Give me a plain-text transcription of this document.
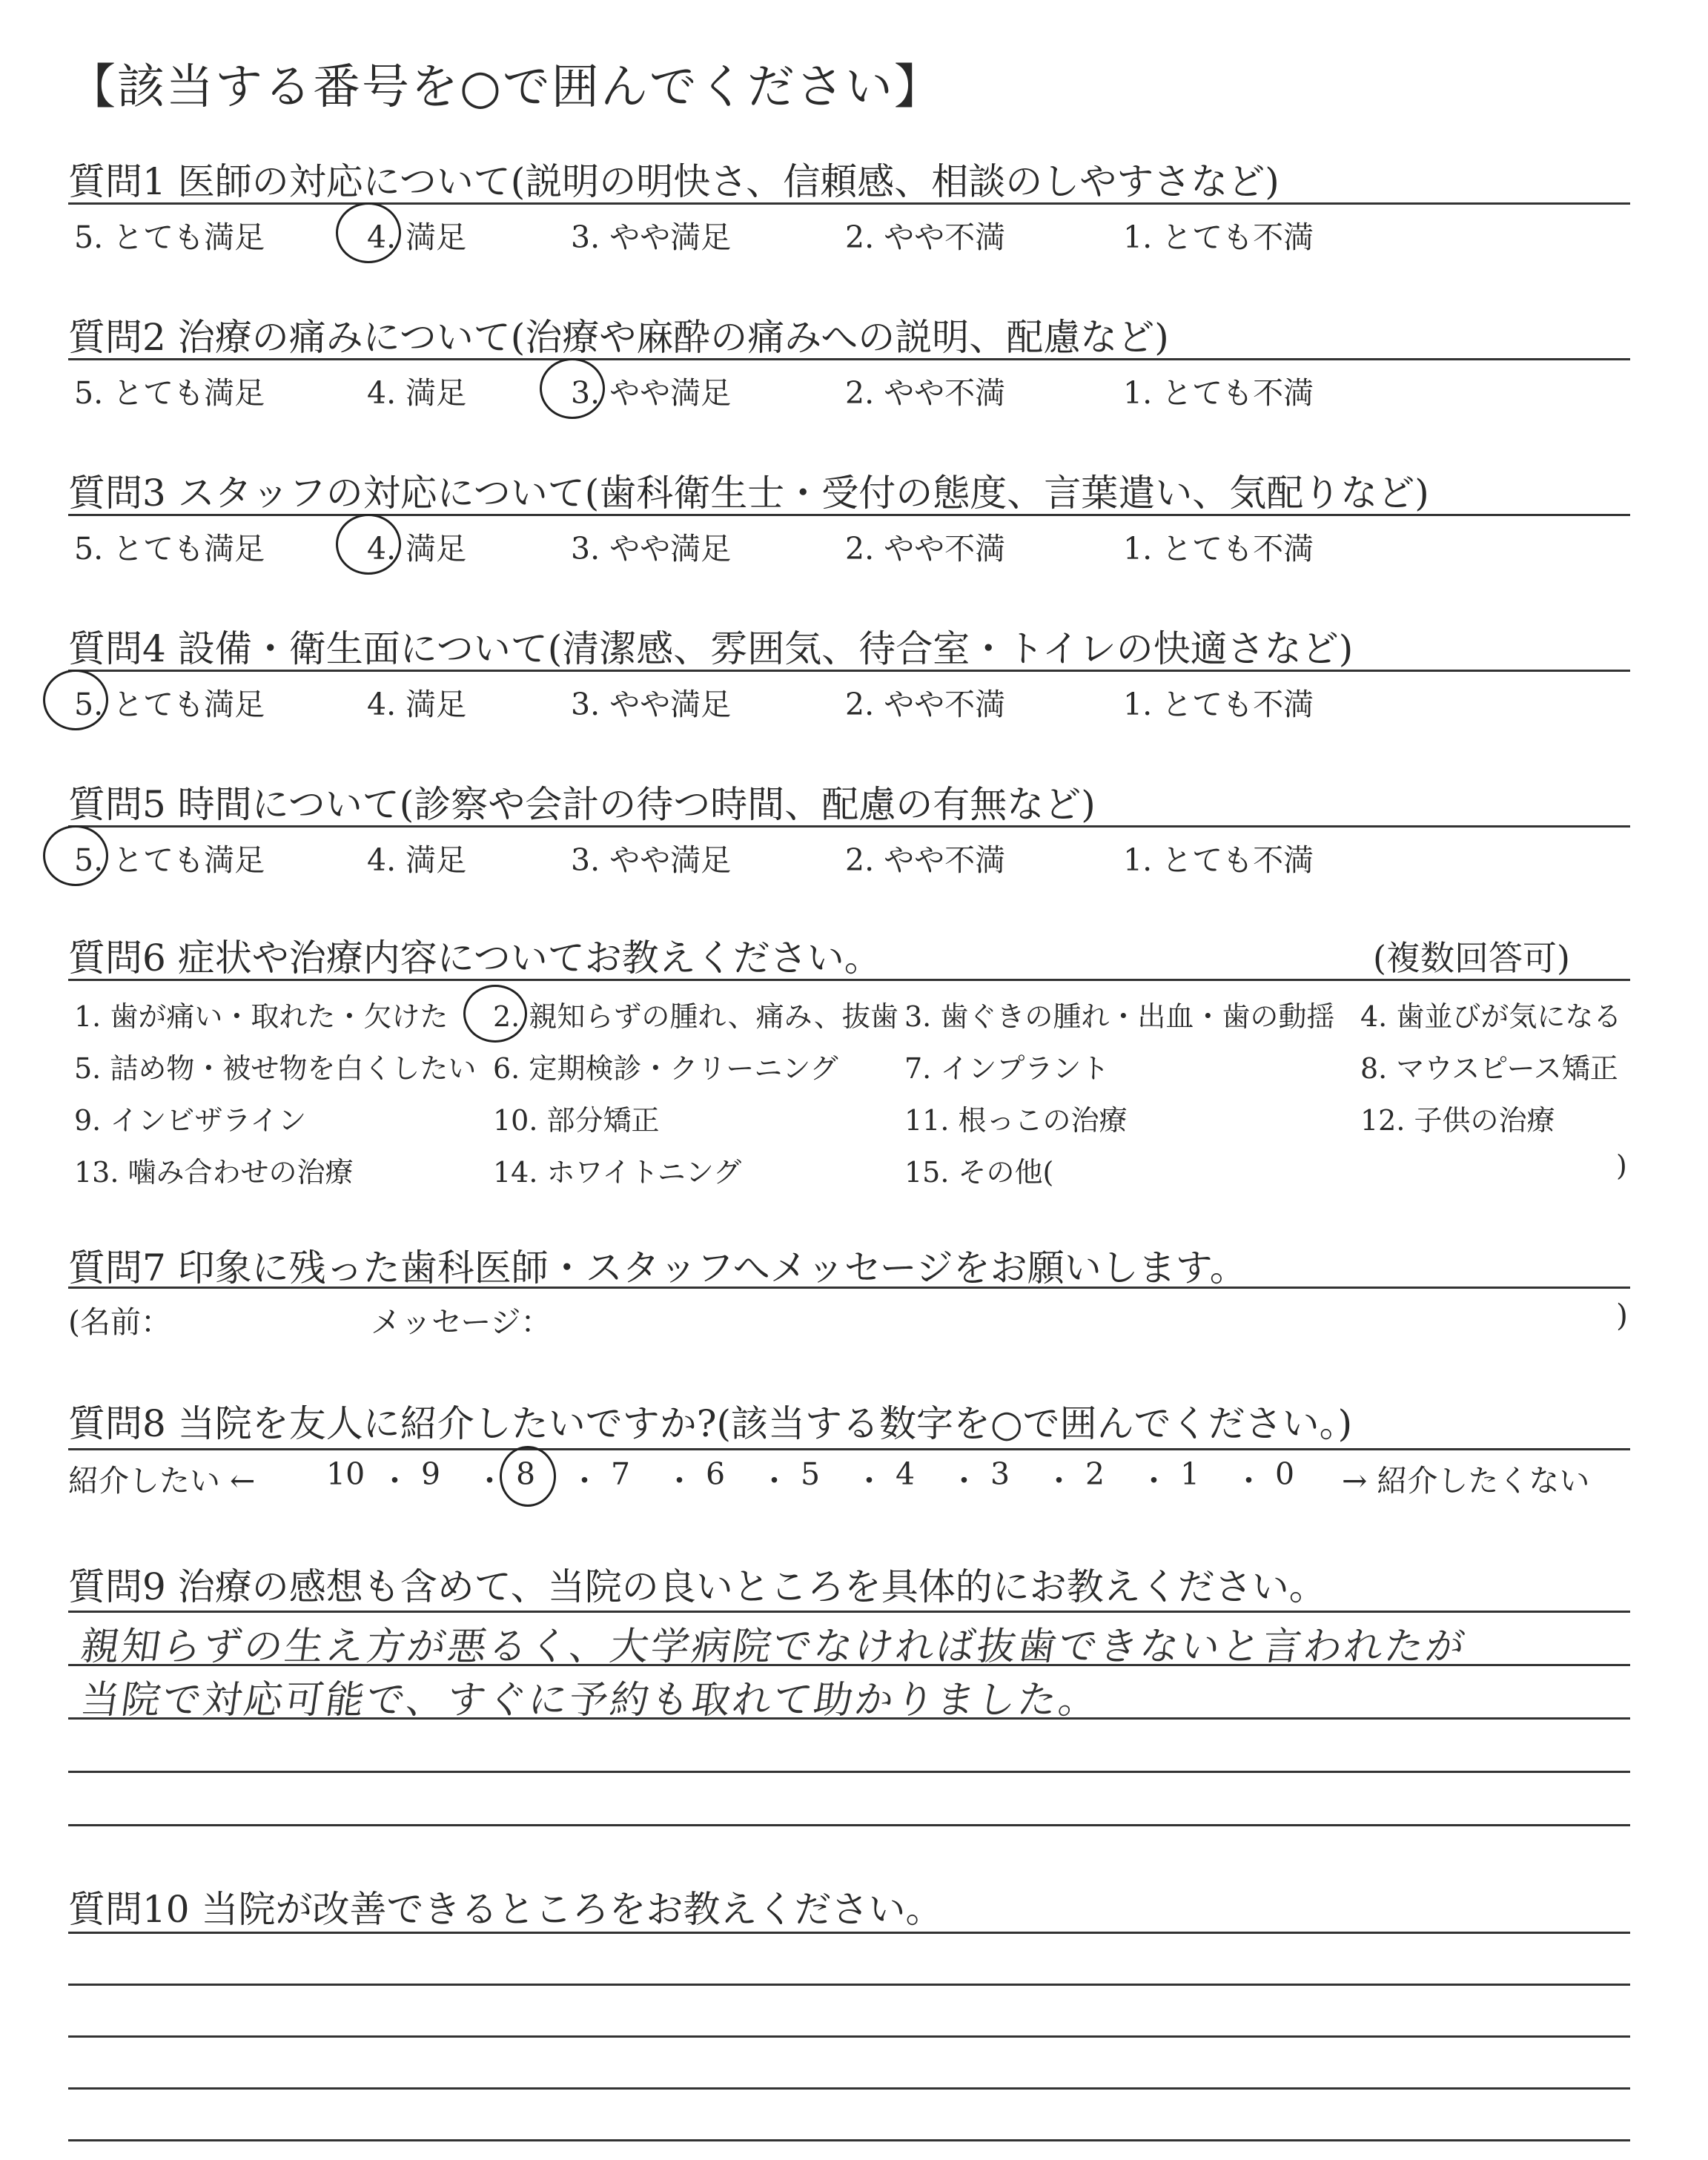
【該当する番号を○で囲んでください】
質問1 医師の対応について(説明の明快さ、信頼感、相談のしやすさなど)
5. とても満足	4. 満足	3. やや満足	2. やや不満	1. とても不満
質問2 治療の痛みについて(治療や麻酔の痛みへの説明、配慮など)
5. とても満足	4. 満足	3. やや満足	2. やや不満	1. とても不満
質問3 スタッフの対応について(歯科衛生士・受付の態度、言葉遣い、気配りなど)
5. とても満足	4. 満足	3. やや満足	2. やや不満	1. とても不満
質問4 設備・衛生面について(清潔感、雰囲気、待合室・トイレの快適さなど)
5. とても満足	4. 満足	3. やや満足	2. やや不満	1. とても不満
質問5 時間について(診察や会計の待つ時間、配慮の有無など)
5. とても満足	4. 満足	3. やや満足	2. やや不満	1. とても不満
質問6 症状や治療内容についてお教えください。	(複数回答可)
1. 歯が痛い・取れた・欠けた 2. 親知らずの腫れ、痛み、抜歯 3. 歯ぐきの腫れ・出血・歯の動揺 4. 歯並びが気になる
5. 詰め物・被せ物を白くしたい 6. 定期検診・クリーニング 7. インプラント	8. マウスピース矯正
9. インビザライン	10. 部分矯正	11. 根っこの治療	12. 子供の治療
13. 噛み合わせの治療	14. ホワイトニング	15. その他(	)
質問7 印象に残った歯科医師・スタッフへメッセージをお願いします。
(名前：	メッセージ：	)
質問8 当院を友人に紹介したいですか?(該当する数字を○で囲んでください。)
紹介したい ←	→ 紹介したくない
10 ・ 9 ・ 8 ・ 7 ・ 6 ・ 5 ・ 4 ・ 3 ・ 2 ・ 1 ・ 0
質問9 治療の感想も含めて、当院の良いところを具体的にお教えください。
親知らずの生え方が悪るく、大学病院でなければ抜歯できないと言われたが
当院で対応可能で、すぐに予約も取れて助かりました。
質問10 当院が改善できるところをお教えください。
